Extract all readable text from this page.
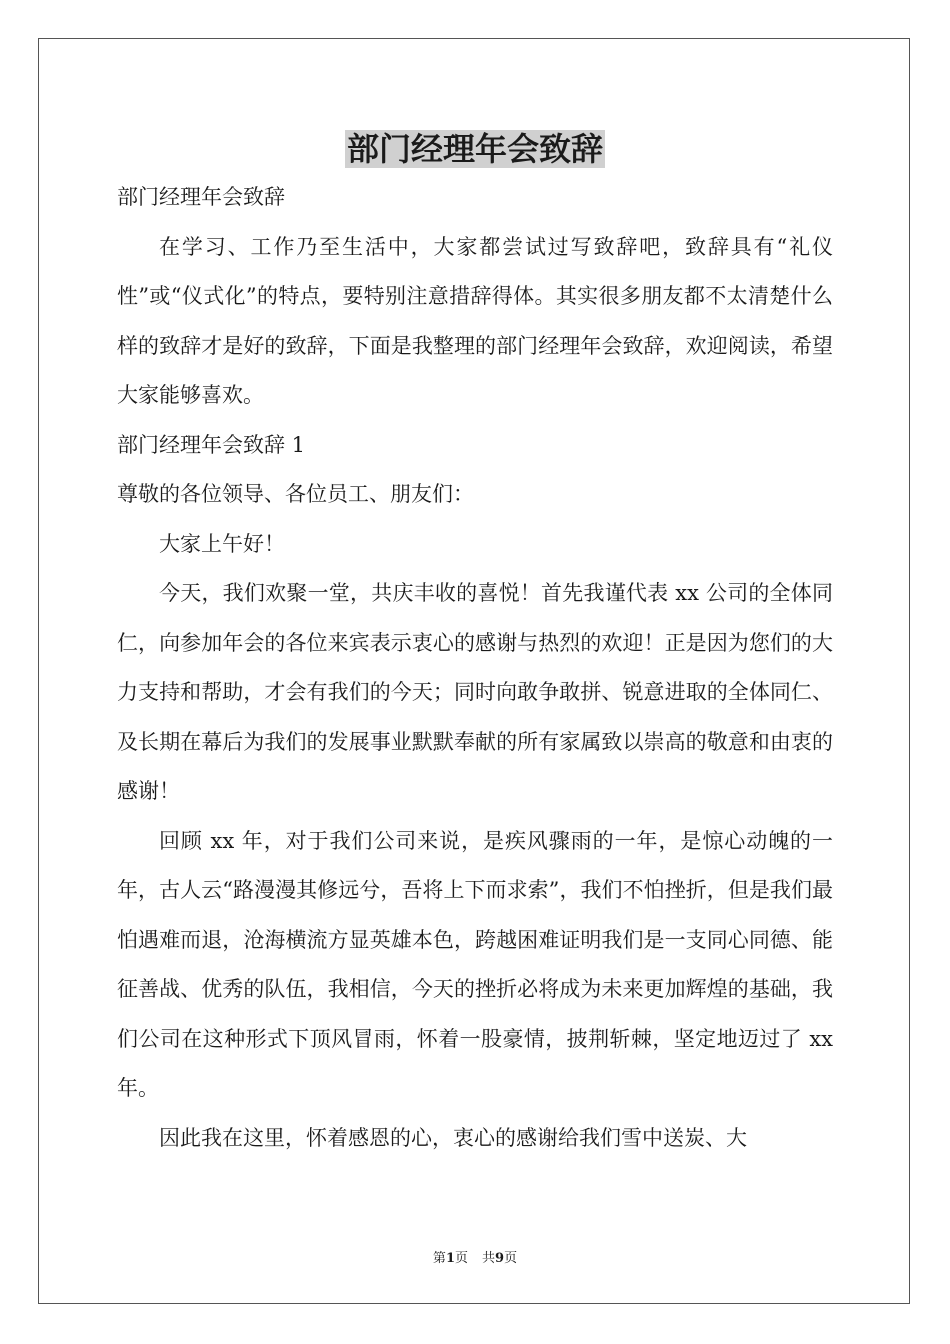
部门经理年会致辞

部门经理年会致辞

在学习、工作乃至生活中，大家都尝试过写致辞吧，致辞具有“礼仪性”或“仪式化”的特点，要特别注意措辞得体。其实很多朋友都不太清楚什么样的致辞才是好的致辞，下面是我整理的部门经理年会致辞，欢迎阅读，希望大家能够喜欢。

部门经理年会致辞 1

尊敬的各位领导、各位员工、朋友们：

大家上午好！

今天，我们欢聚一堂，共庆丰收的喜悦！首先我谨代表 xx 公司的全体同仁，向参加年会的各位来宾表示衷心的感谢与热烈的欢迎！正是因为您们的大力支持和帮助，才会有我们的今天；同时向敢争敢拼、锐意进取的全体同仁、及长期在幕后为我们的发展事业默默奉献的所有家属致以崇高的敬意和由衷的感谢！

回顾 xx 年，对于我们公司来说，是疾风骤雨的一年，是惊心动魄的一年，古人云“路漫漫其修远兮，吾将上下而求索”，我们不怕挫折，但是我们最怕遇难而退，沧海横流方显英雄本色，跨越困难证明我们是一支同心同德、能征善战、优秀的队伍，我相信，今天的挫折必将成为未来更加辉煌的基础，我们公司在这种形式下顶风冒雨，怀着一股豪情，披荆斩棘，坚定地迈过了 xx 年。

因此我在这里，怀着感恩的心，衷心的感谢给我们雪中送炭、大

第1页 共9页
